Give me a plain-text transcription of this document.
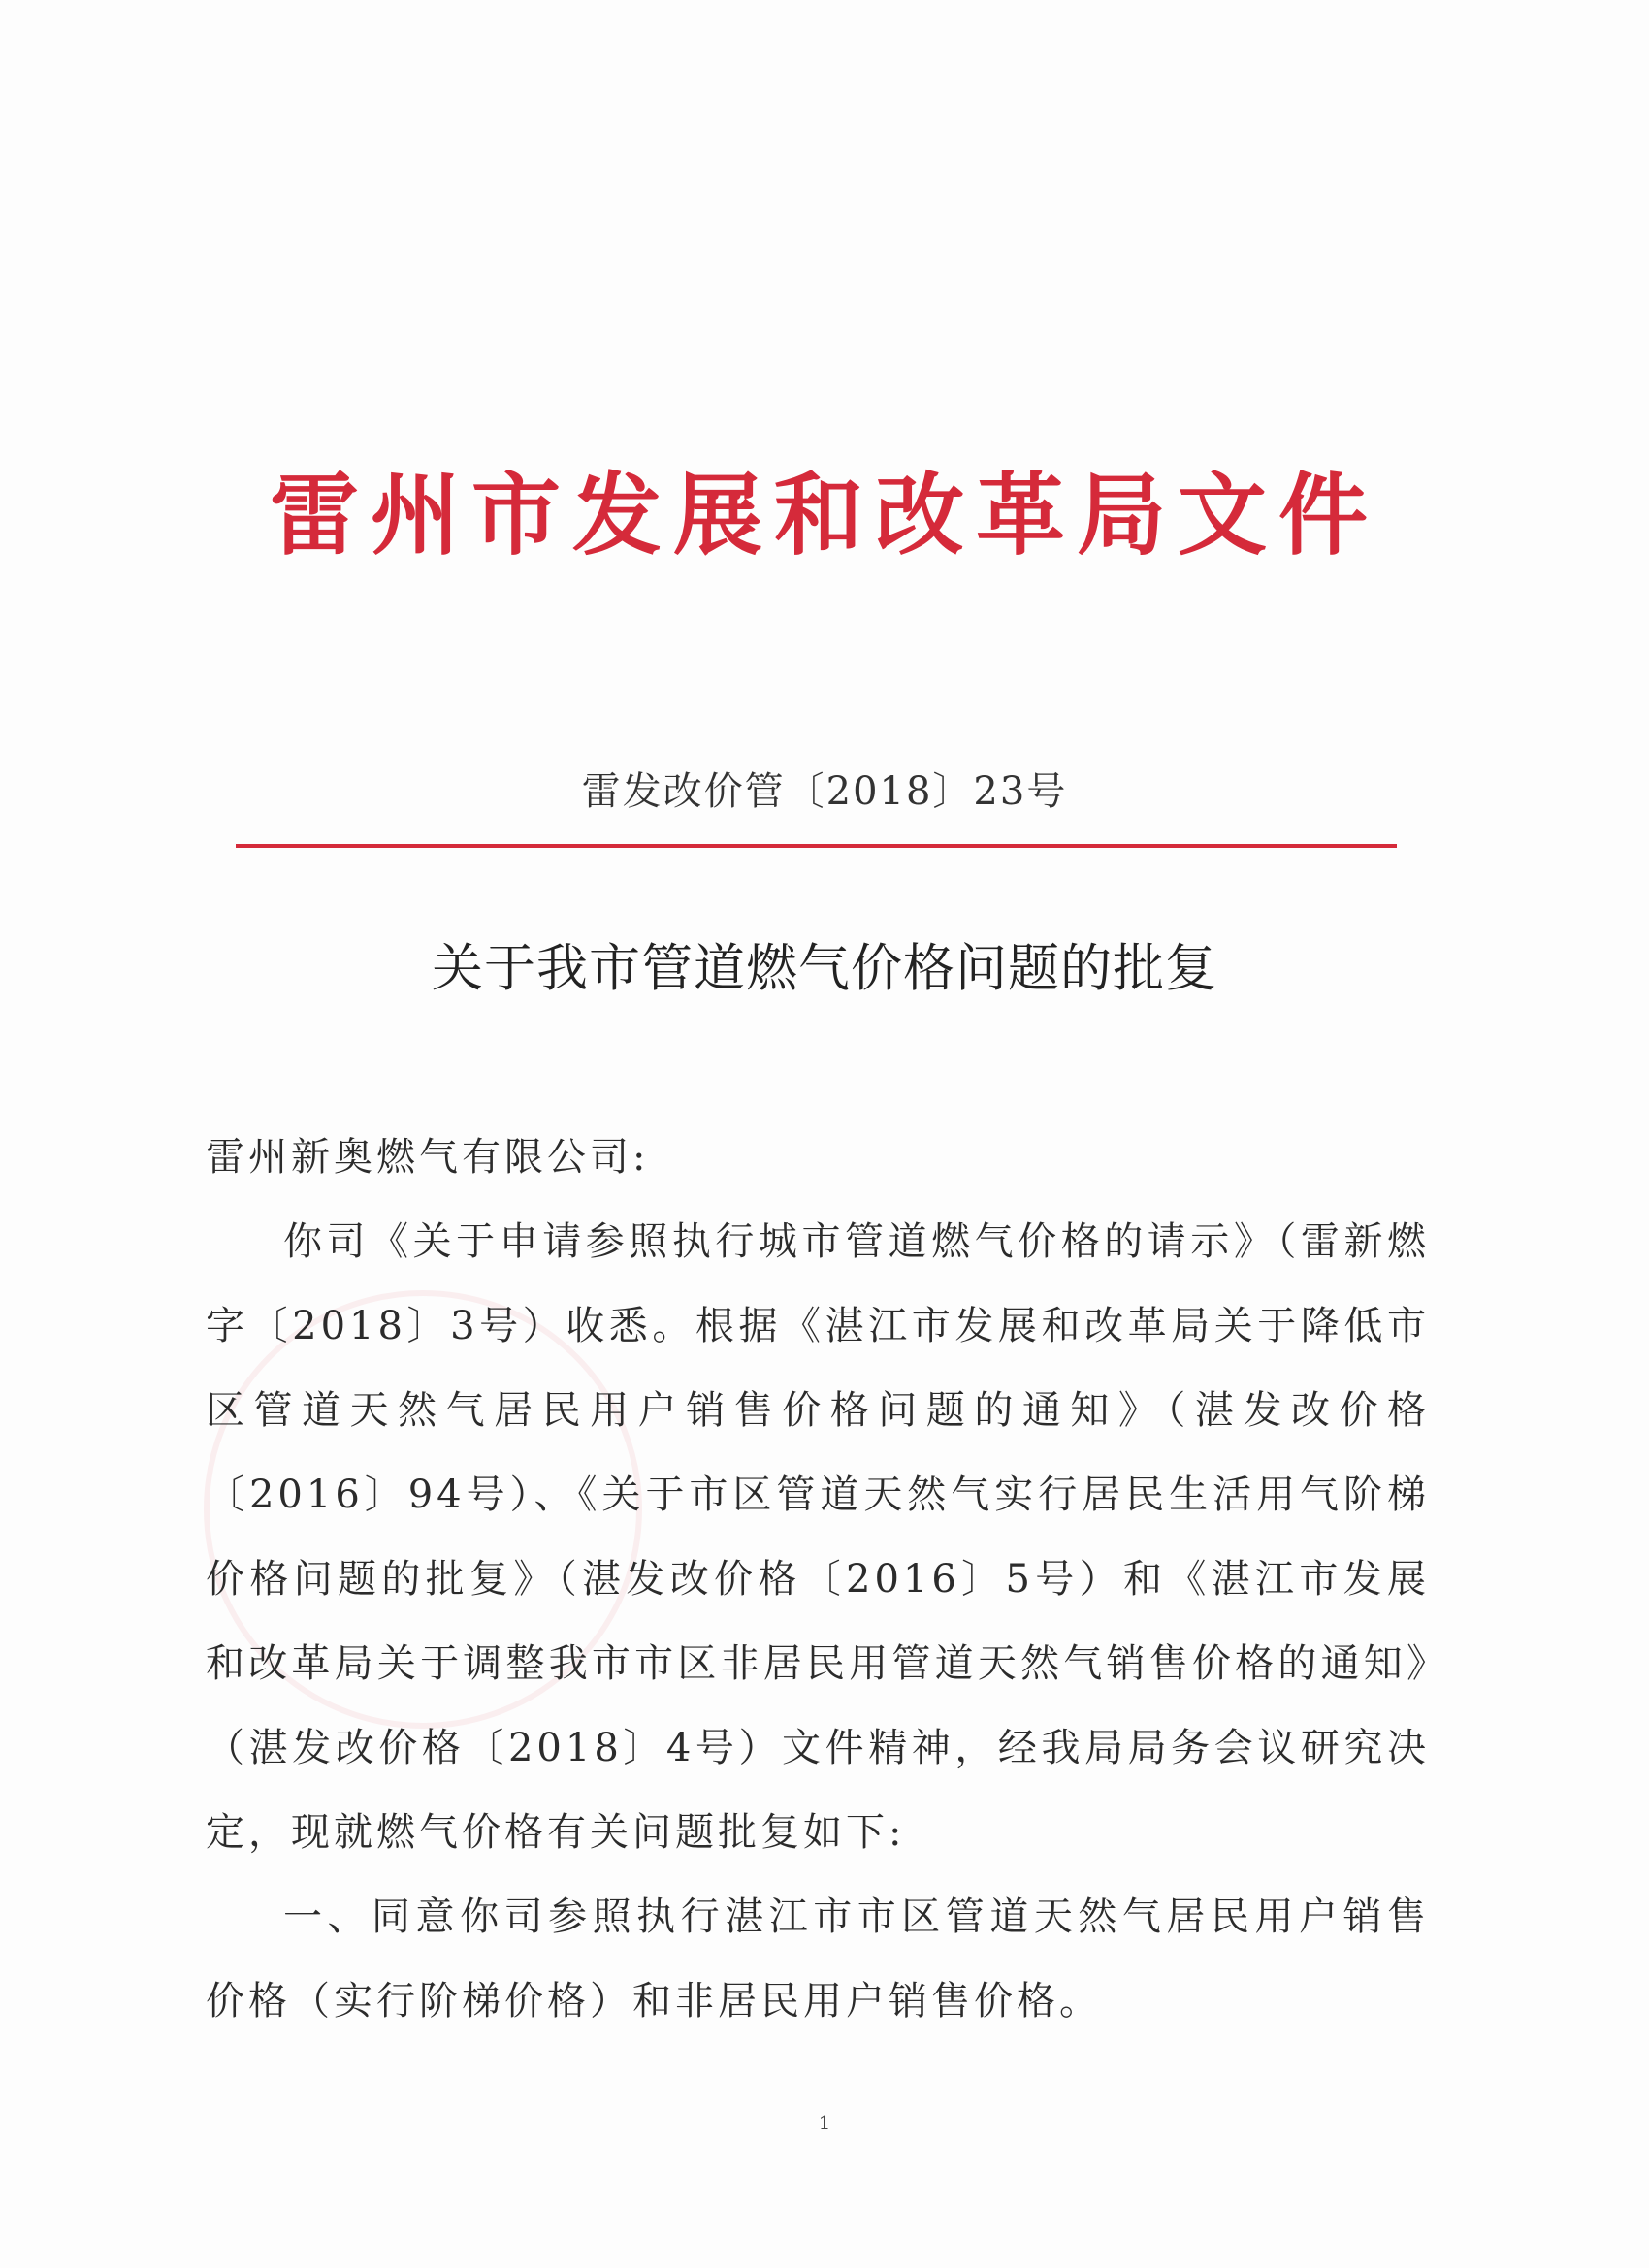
雷州市发展和改革局文件
雷发改价管〔2018〕23号
关于我市管道燃气价格问题的批复

雷州新奥燃气有限公司:

你司《关于申请参照执行城市管道燃气价格的请示》（雷新燃字〔2018〕3号）收悉。根据《湛江市发展和改革局关于降低市区管道天然气居民用户销售价格问题的通知》（湛发改价格〔2016〕94号）、《关于市区管道天然气实行居民生活用气阶梯价格问题的批复》（湛发改价格〔2016〕5号）和《湛江市发展和改革局关于调整我市市区非居民用管道天然气销售价格的通知》（湛发改价格〔2018〕4号）文件精神，经我局局务会议研究决定，现就燃气价格有关问题批复如下:

一、同意你司参照执行湛江市市区管道天然气居民用户销售价格（实行阶梯价格）和非居民用户销售价格。

1
